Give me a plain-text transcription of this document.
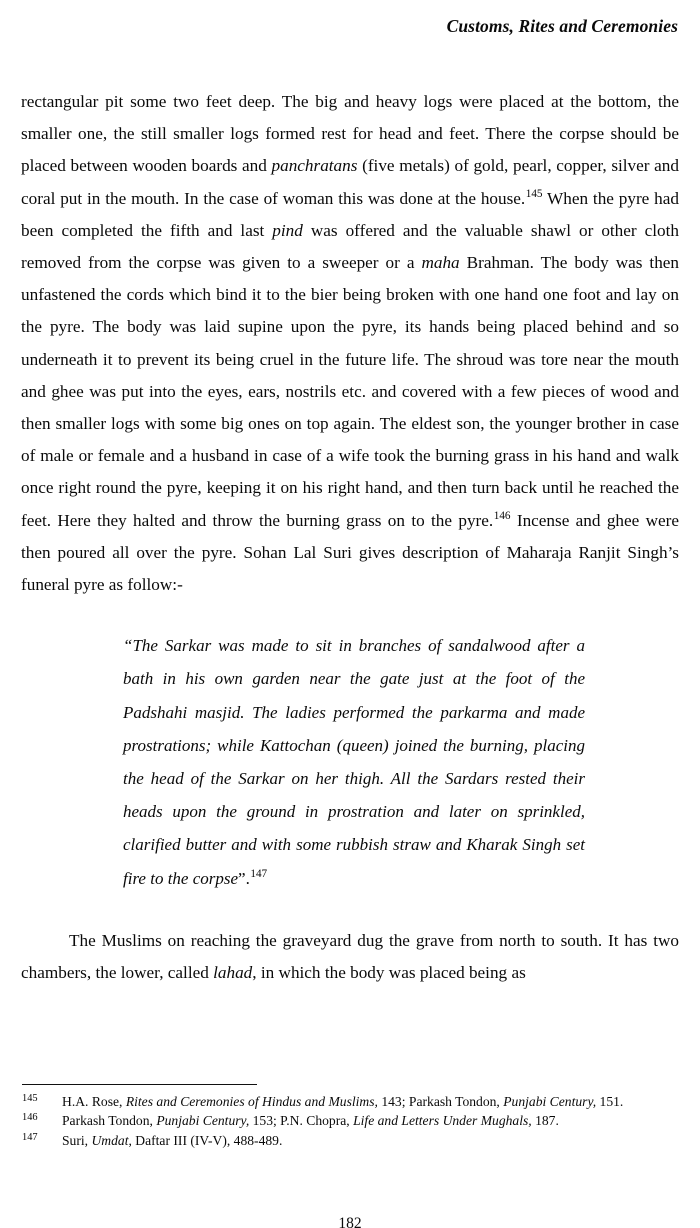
Customs, Rites and Ceremonies

rectangular pit some two feet deep. The big and heavy logs were placed at the bottom, the smaller one, the still smaller logs formed rest for head and feet. There the corpse should be placed between wooden boards and panchratans (five metals) of gold, pearl, copper, silver and coral put in the mouth. In the case of woman this was done at the house.$^{145}$ When the pyre had been completed the fifth and last pind was offered and the valuable shawl or other cloth removed from the corpse was given to a sweeper or a maha Brahman. The body was then unfastened the cords which bind it to the bier being broken with one hand one foot and lay on the pyre. The body was laid supine upon the pyre, its hands being placed behind and so underneath it to prevent its being cruel in the future life. The shroud was tore near the mouth and ghee was put into the eyes, ears, nostrils etc. and covered with a few pieces of wood and then smaller logs with some big ones on top again. The eldest son, the younger brother in case of male or female and a husband in case of a wife took the burning grass in his hand and walk once right round the pyre, keeping it on his right hand, and then turn back until he reached the feet. Here they halted and throw the burning grass on to the pyre.$^{146}$ Incense and ghee were then poured all over the pyre. Sohan Lal Suri gives description of Maharaja Ranjit Singh’s funeral pyre as follow:-

“The Sarkar was made to sit in branches of sandalwood after a bath in his own garden near the gate just at the foot of the Padshahi masjid. The ladies performed the parkarma and made prostrations; while Kattochan (queen) joined the burning, placing the head of the Sarkar on her thigh. All the Sardars rested their heads upon the ground in prostration and later on sprinkled, clarified butter and with some rubbish straw and Kharak Singh set fire to the corpse”.$^{147}$

The Muslims on reaching the graveyard dug the grave from north to south. It has two chambers, the lower, called lahad, in which the body was placed being as

145	H.A. Rose, Rites and Ceremonies of Hindus and Muslims, 143; Parkash Tondon, Punjabi Century, 151.
146	Parkash Tondon, Punjabi Century, 153; P.N. Chopra, Life and Letters Under Mughals, 187.
147	Suri, Umdat, Daftar III (IV-V), 488-489.
182
